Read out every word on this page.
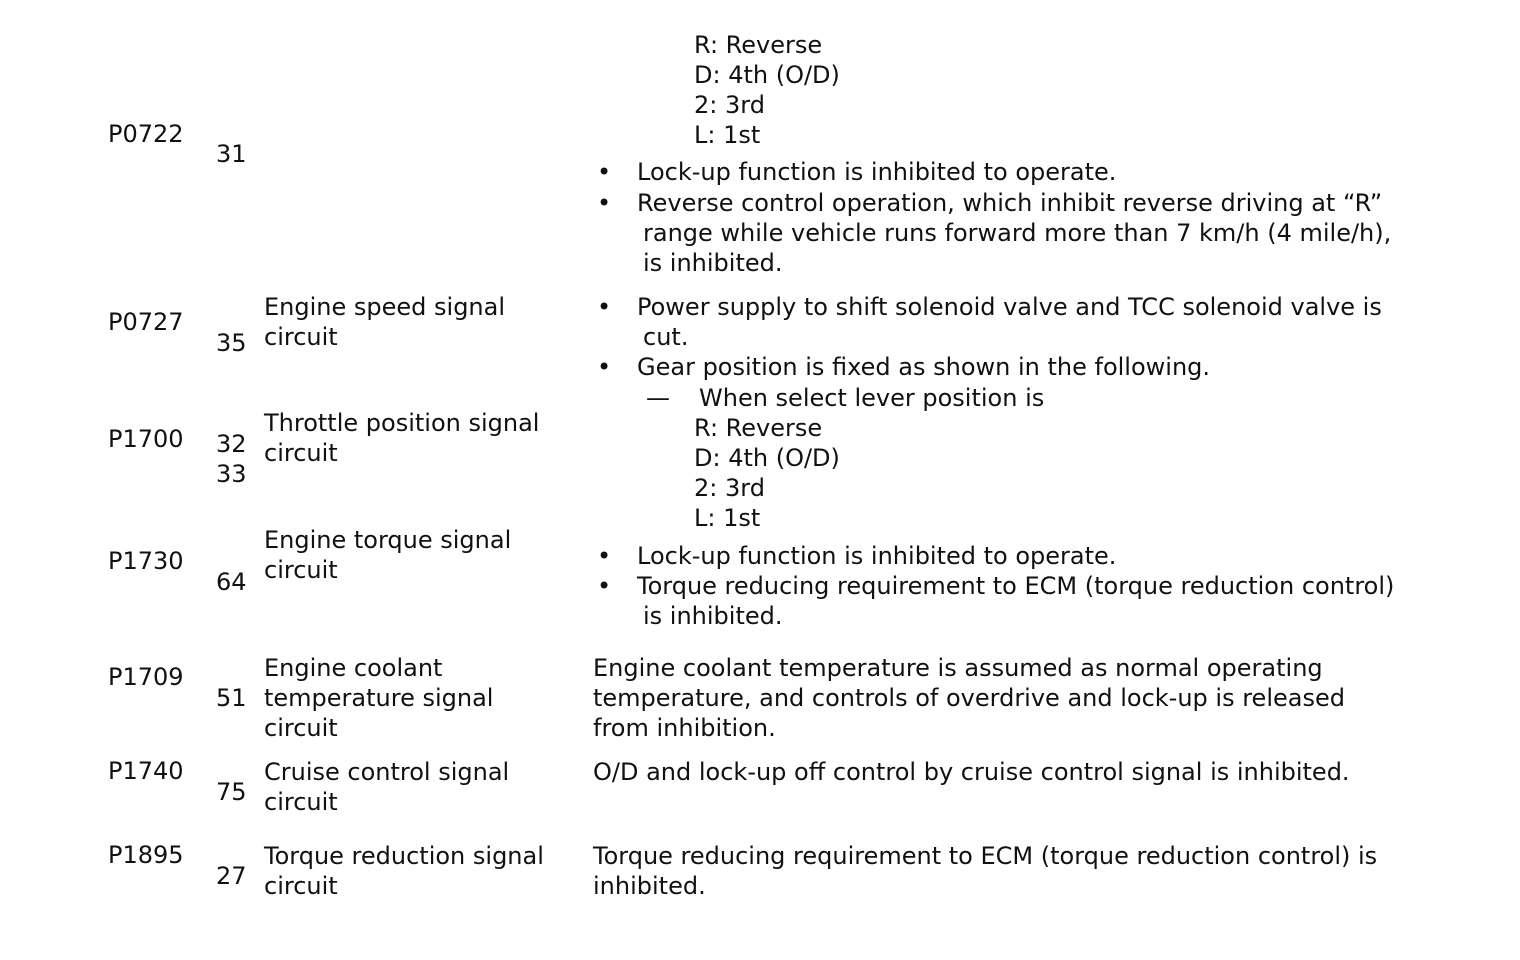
R: Reverse
D: 4th (O/D)
2: 3rd
L: 1st
P0722
31
• Lock-up function is inhibited to operate.
• Reverse control operation, which inhibit reverse driving at “R”
range while vehicle runs forward more than 7 km/h (4 mile/h),
is inhibited.
P0727
35
Engine speed signal
circuit
• Power supply to shift solenoid valve and TCC solenoid valve is
cut.
• Gear position is fixed as shown in the following.
— When select lever position is
R: Reverse
D: 4th (O/D)
2: 3rd
L: 1st
• Lock-up function is inhibited to operate.
• Torque reducing requirement to ECM (torque reduction control)
is inhibited.
P1700 32
33
Throttle position signal
circuit
P1730
64
Engine torque signal
circuit
P1709
51
Engine coolant
temperature signal
circuit
Engine coolant temperature is assumed as normal operating
temperature, and controls of overdrive and lock-up is released
from inhibition.
P1740
75
Cruise control signal
circuit
O/D and lock-up off control by cruise control signal is inhibited.
P1895
27
Torque reduction signal
circuit
Torque reducing requirement to ECM (torque reduction control) is
inhibited.
